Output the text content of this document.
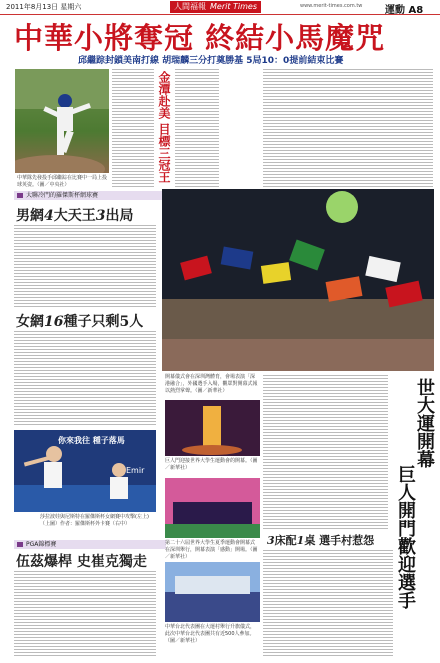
2011年8月13日 星期六	人間福報 Merit Times	www.merit-times.com.tw 運動 A8
中華小將奪冠 終結小馬魔咒
邱繼踪封鎖美南打線 胡瑞麟三分打奠勝基 5局10：0提前結束比賽
中華隊先發投手邱繼踪在比賽中一局上投球英姿。（圖／中央社）
金潭赴美 目標三冠王
大聯冷門的羅傑斯杯網球賽
男網4大天王3出局
女網16種子只剩5人
你來我往 種子落馬
Emir
莎拉波娃與尼斯特在羅傑斯杯女網賽中攻擊(左上)（上圖）作者：羅傑斯杯外卡賽（右中）
PGA錦標賽
伍茲爆桿 史崔克獨走
開幕儀式會在深圳灣體育，會場表演「深港融合」，外國選手入場，觀眾對開幕式報以熱烈掌聲。（圖／新華社）
巨人門迎接世界大學生運動會的開幕。（圖／新華社）
第二十六屆世界大學生夏季運動會開幕式在深圳舉行，開幕表演「感動」開場。（圖／新華社）
中華台北代表團在大運村舉行升旗儀式，此次中華台北代表團共有近500人參加。（圖／新華社）
3床配1桌 選手村惹怨
世大運開幕
巨人開門歡迎選手
